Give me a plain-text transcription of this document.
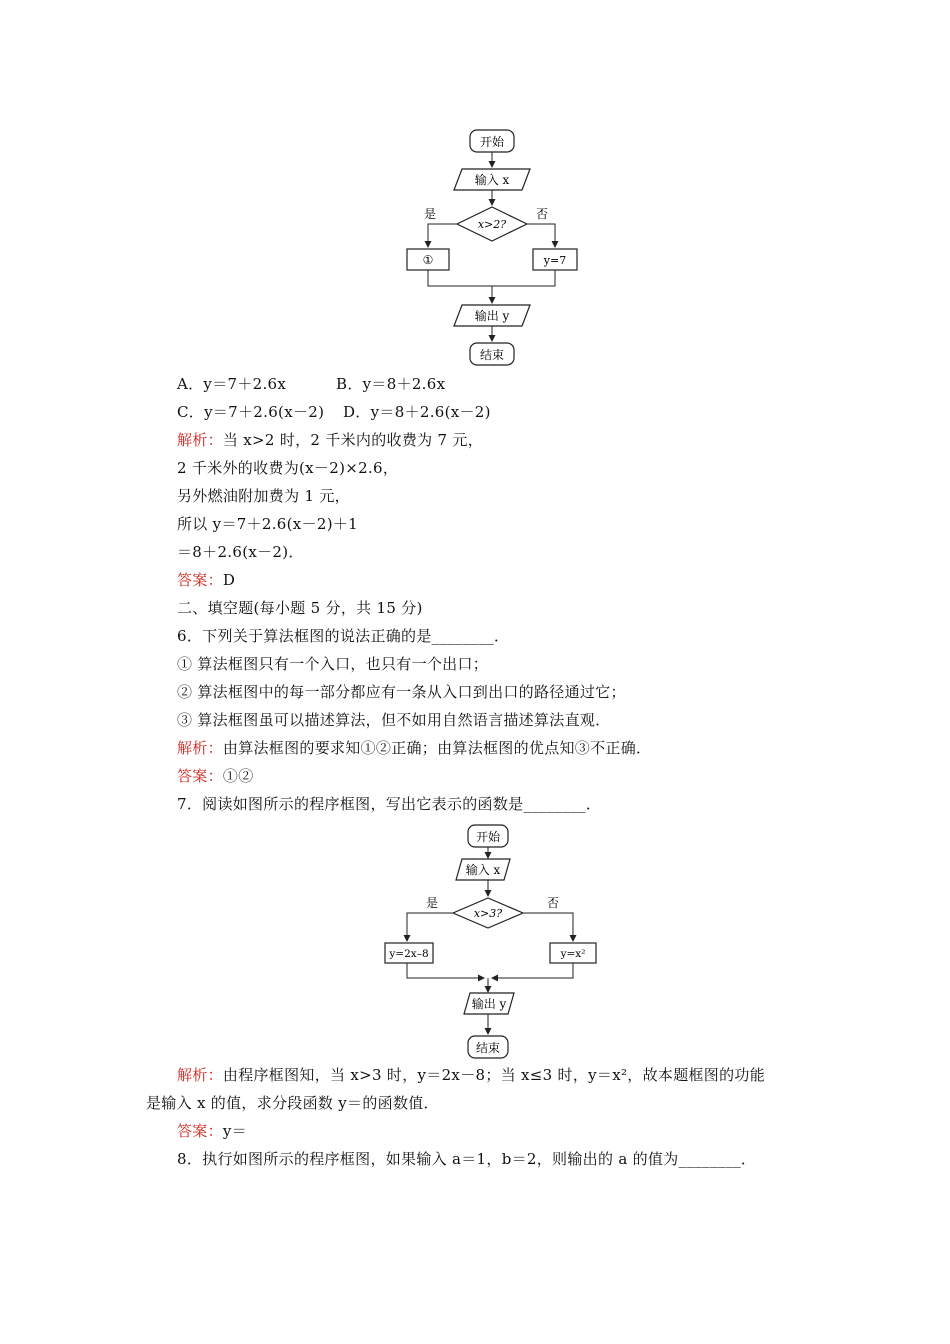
开始
输入 x
x>2?
是	否
①	y=7
输出 y
结束
A．y＝7＋2.6x	B．y＝8＋2.6x
C．y＝7＋2.6(x－2) D．y＝8＋2.6(x－2)
解析：当 x>2 时，2 千米内的收费为 7 元，
2 千米外的收费为(x－2)×2.6，
另外燃油附加费为 1 元，
所以 y＝7＋2.6(x－2)＋1
＝8＋2.6(x－2)．
答案：D
二、填空题(每小题 5 分，共 15 分)
6．下列关于算法框图的说法正确的是________．
① 算法框图只有一个入口，也只有一个出口；
② 算法框图中的每一部分都应有一条从入口到出口的路径通过它；
③ 算法框图虽可以描述算法，但不如用自然语言描述算法直观．
解析：由算法框图的要求知①②正确；由算法框图的优点知③不正确．
答案：①②
7．阅读如图所示的程序框图，写出它表示的函数是________．
开始
输入 x
x>3?
是	否
y=2x–8	y=x²
输出 y
结束
解析：由程序框图知，当 x>3 时，y＝2x－8；当 x≤3 时，y＝x²，故本题框图的功能
是输入 x 的值，求分段函数 y＝的函数值．
答案：y＝
8．执行如图所示的程序框图，如果输入 a＝1，b＝2，则输出的 a 的值为________．
